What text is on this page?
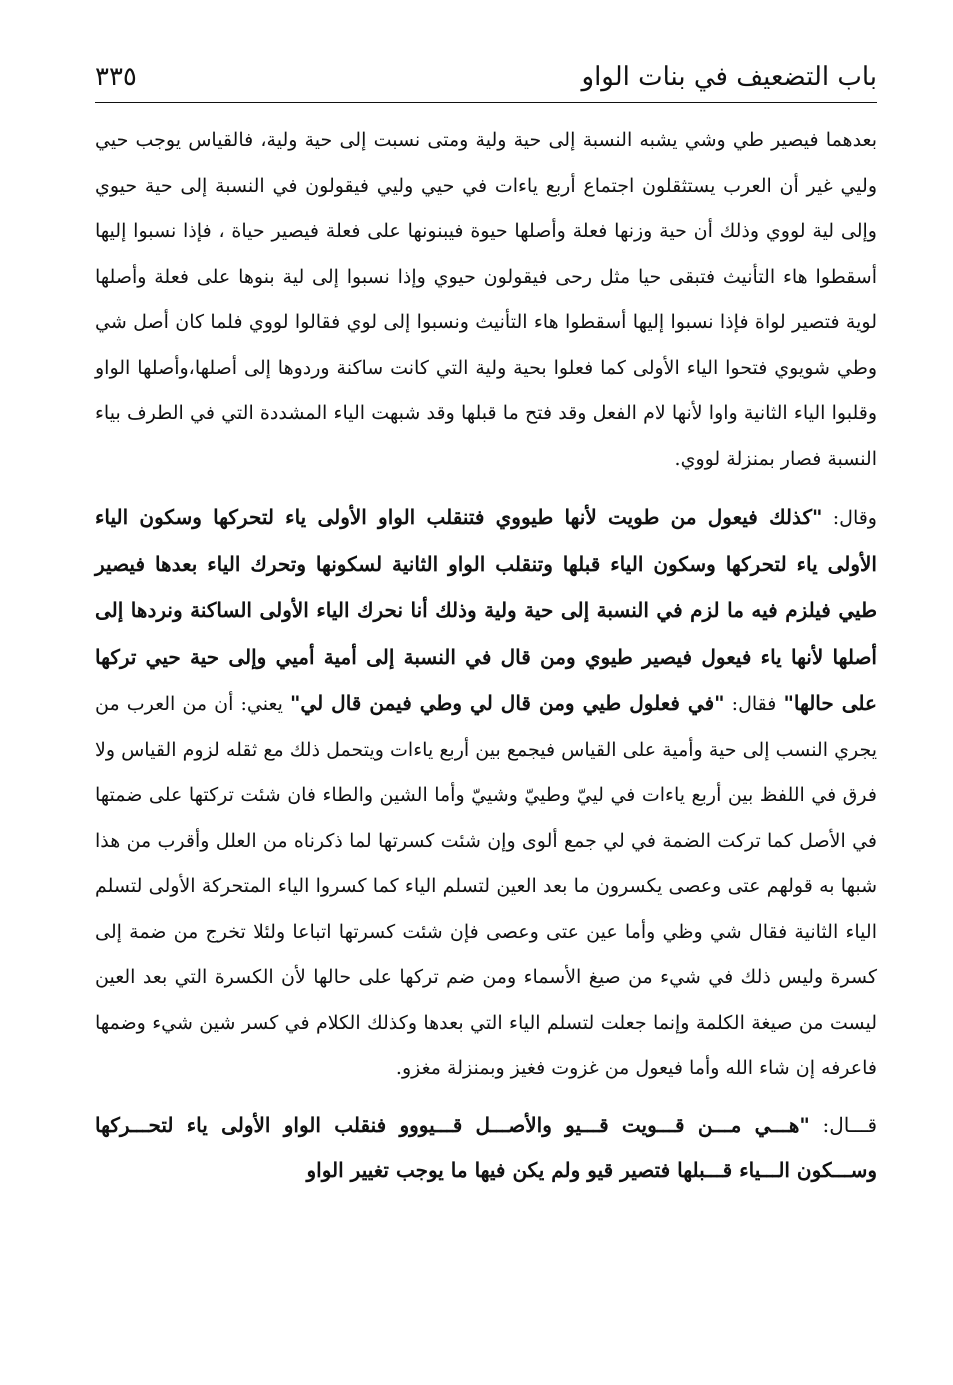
باب التضعيف في بنات الواو
٣٣٥

بعدهما فيصير طي وشي يشبه النسبة إلى حية ولية ومتى نسبت إلى حية ولية، فالقياس يوجب حيي وليي غير أن العرب يستثقلون اجتماع أربع ياءات في حيي وليي فيقولون في النسبة إلى حية حيوي وإلى لية لووي وذلك أن حية وزنها فعلة وأصلها حيوة فيبنونها على فعلة فيصير حياة ، فإذا نسبوا إليها أسقطوا هاء التأنيث فتبقى حيا مثل رحى فيقولون حيوي وإذا نسبوا إلى لية بنوها على فعلة وأصلها لوية فتصير لواة فإذا نسبوا إليها أسقطوا هاء التأنيث ونسبوا إلى لوي فقالوا لووي فلما كان أصل شي وطي شويوي فتحوا الياء الأولى كما فعلوا بحية ولية التي كانت ساكنة وردوها إلى أصلها،وأصلها الواو وقلبوا الياء الثانية واوا لأنها لام الفعل وقد فتح ما قبلها وقد شبهت الياء المشددة التي في الطرف بياء النسبة فصار بمنزلة لووي.

وقال: "كذلك فيعول من طويت لأنها طيووي فتنقلب الواو الأولى ياء لتحركها وسكون الياء الأولى ياء لتحركها وسكون الياء قبلها وتنقلب الواو الثانية لسكونها وتحرك الياء بعدها فيصير طيي فيلزم فيه ما لزم في النسبة إلى حية ولية وذلك أنا نحرك الياء الأولى الساكنة ونردها إلى أصلها لأنها ياء فيعول فيصير طيوي ومن قال في النسبة إلى أمية أميي وإلى حية حيي تركها على حالها" فقال: "في فعلول طيي ومن قال لي وطي فيمن قال لي" يعني: أن من العرب من يجري النسب إلى حية وأمية على القياس فيجمع بين أربع ياءات ويتحمل ذلك مع ثقله لزوم القياس ولا فرق في اللفظ بين أربع ياءات في لييّ وطييّ وشييّ وأما الشين والطاء فان شئت تركتها على ضمتها في الأصل كما تركت الضمة في لي جمع ألوى وإن شئت كسرتها لما ذكرناه من العلل وأقرب من هذا شبها به قولهم عتى وعصى يكسرون ما بعد العين لتسلم الياء كما كسروا الياء المتحركة الأولى لتسلم الياء الثانية فقال شي وظي وأما عين عتى وعصى فإن شئت كسرتها اتباعا ولئلا تخرج من ضمة إلى كسرة وليس ذلك في شيء من صيغ الأسماء ومن ضم تركها على حالها لأن الكسرة التي بعد العين ليست من صيغة الكلمة وإنما جعلت لتسلم الياء التي بعدها وكذلك الكلام في كسر شين شيء وضمها فاعرفه إن شاء الله وأما فيعول من غزوت فغيز وبمنزلة مغزو.

قـــال: "هـــي مـــن قـــويت قـــيو والأصـــل قـــيووو فنقلب الواو الأولى ياء لتحـــركها وســـكون الـــياء قـــبلها فتصير قيو ولم يكن فيها ما يوجب تغيير الواو
